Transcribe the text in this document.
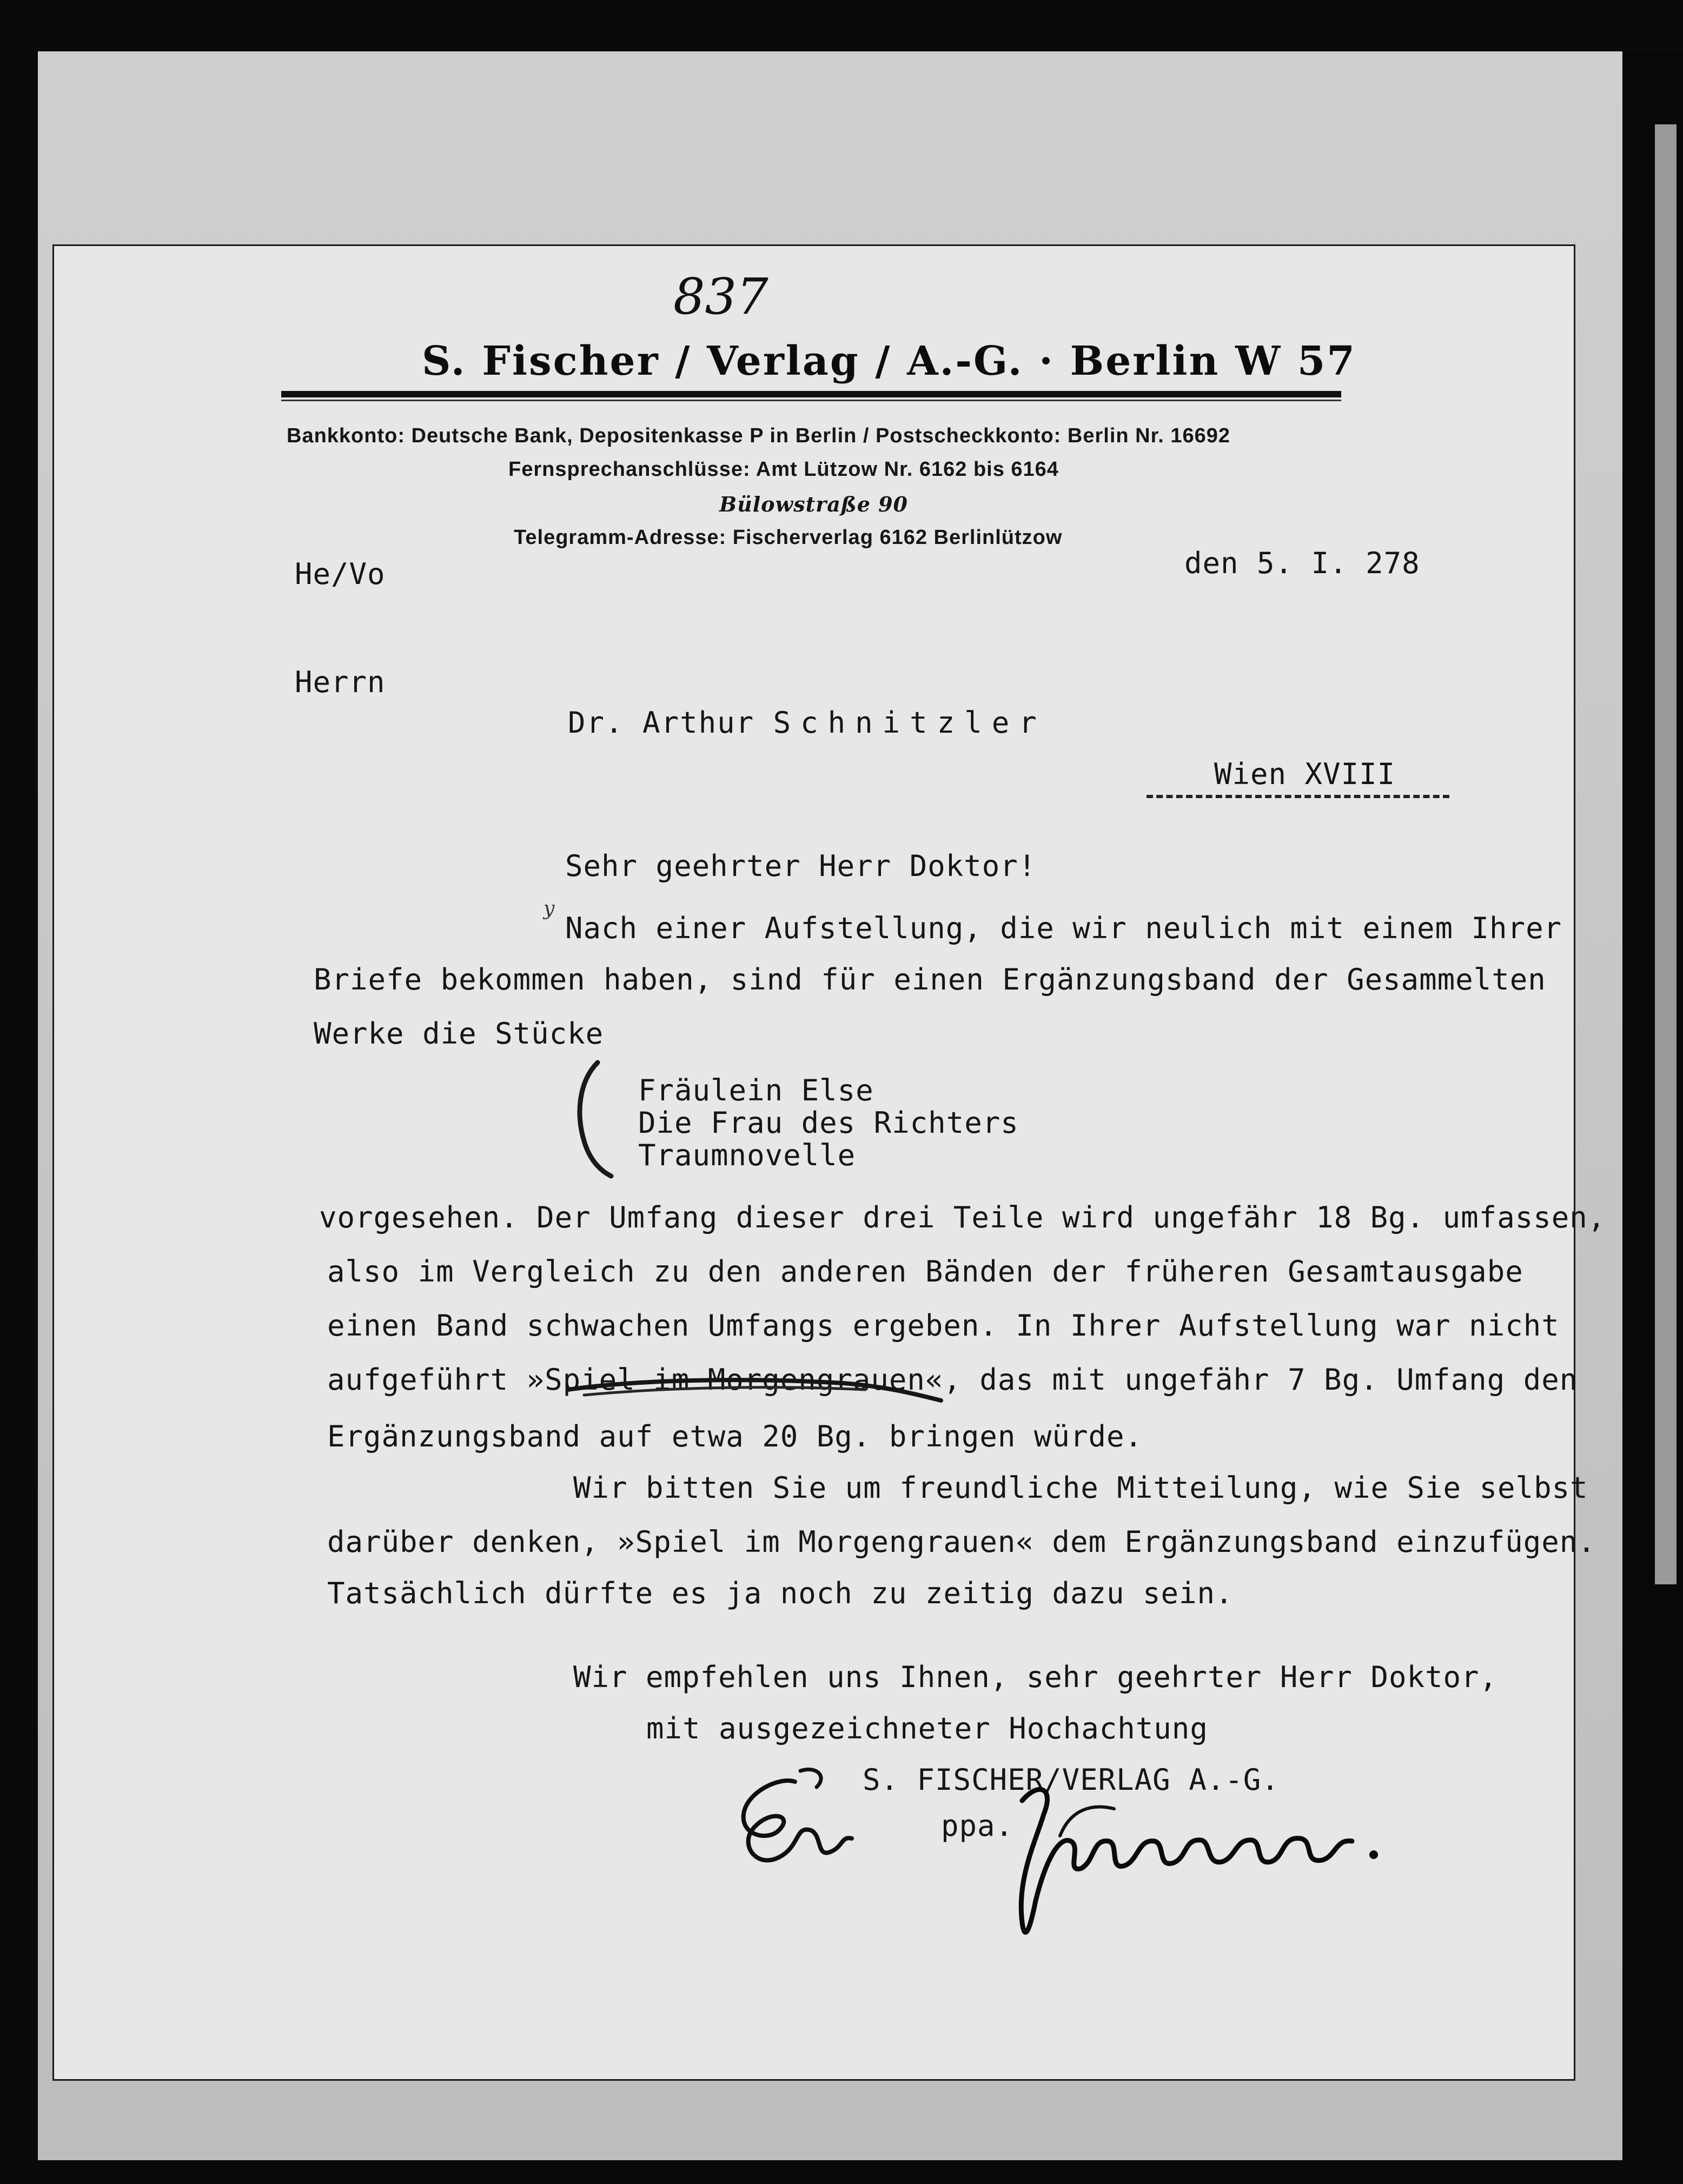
837
S. Fischer / Verlag / A.-G. · Berlin W 57
Bankkonto: Deutsche Bank, Depositenkasse P in Berlin / Postscheckkonto: Berlin Nr. 16692
Fernsprechanschlüsse: Amt Lützow Nr. 6162 bis 6164
Bülowstraße 90
Telegramm-Adresse: Fischerverlag 6162 Berlinlützow
He/Vo	den 5. I. 278
Herrn
Dr. Arthur Schnitzler
Wien XVIII
Sehr geehrter Herr Doktor!
y
Nach einer Aufstellung, die wir neulich mit einem Ihrer
Briefe bekommen haben, sind für einen Ergänzungsband der Gesammelten
Werke die Stücke
Fräulein Else
Die Frau des Richters
Traumnovelle
vorgesehen. Der Umfang dieser drei Teile wird ungefähr 18 Bg. umfassen,
also im Vergleich zu den anderen Bänden der früheren Gesamtausgabe
einen Band schwachen Umfangs ergeben. In Ihrer Aufstellung war nicht
aufgeführt »Spiel im Morgengrauen«, das mit ungefähr 7 Bg. Umfang den
Ergänzungsband auf etwa 20 Bg. bringen würde.
Wir bitten Sie um freundliche Mitteilung, wie Sie selbst
darüber denken, »Spiel im Morgengrauen« dem Ergänzungsband einzufügen.
Tatsächlich dürfte es ja noch zu zeitig dazu sein.
Wir empfehlen uns Ihnen, sehr geehrter Herr Doktor,
mit ausgezeichneter Hochachtung
S. FISCHER/VERLAG A.-G.
ppa.
